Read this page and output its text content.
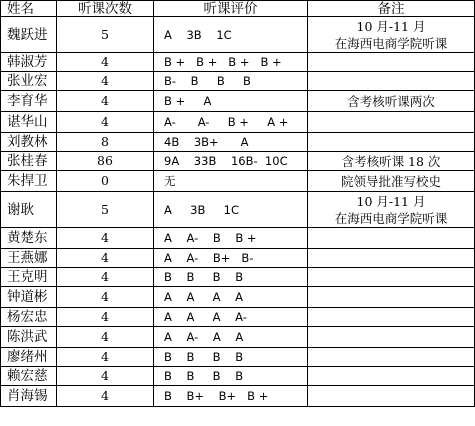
姓名	听课次数	听课评价	备注
魏跃进	5	A    3B    1C	10 月-11 月
在海西电商学院听课

韩淑芳	4	B +   B +   B +   B +	
张业宏	4	B-    B     B     B	
李育华	4	B +     A	含考核听课两次

谌华山	4	A-      A-     B +     A +	
刘教林	8	4B    3B+      A	
张桂春	86	9A    33B    16B-  10C	含考核听课 18 次

朱捍卫	0	无	院领导批准写校史

谢耿	5	A     3B     1C	10 月-11 月
在海西电商学院听课

黄楚东	4	A    A-    B    B +	
王燕娜	4	A    A-    B+   B-	
王克明	4	B    B     B    B	
钟道彬	4	A    A     A    A	
杨宏忠	4	A    A     A    A-	
陈洪武	4	A    A-    A    A	
廖绪州	4	B    B     B    B	
赖宏慈	4	B    B     B    B	
肖海锡	4	B    B+    B+   B +	
